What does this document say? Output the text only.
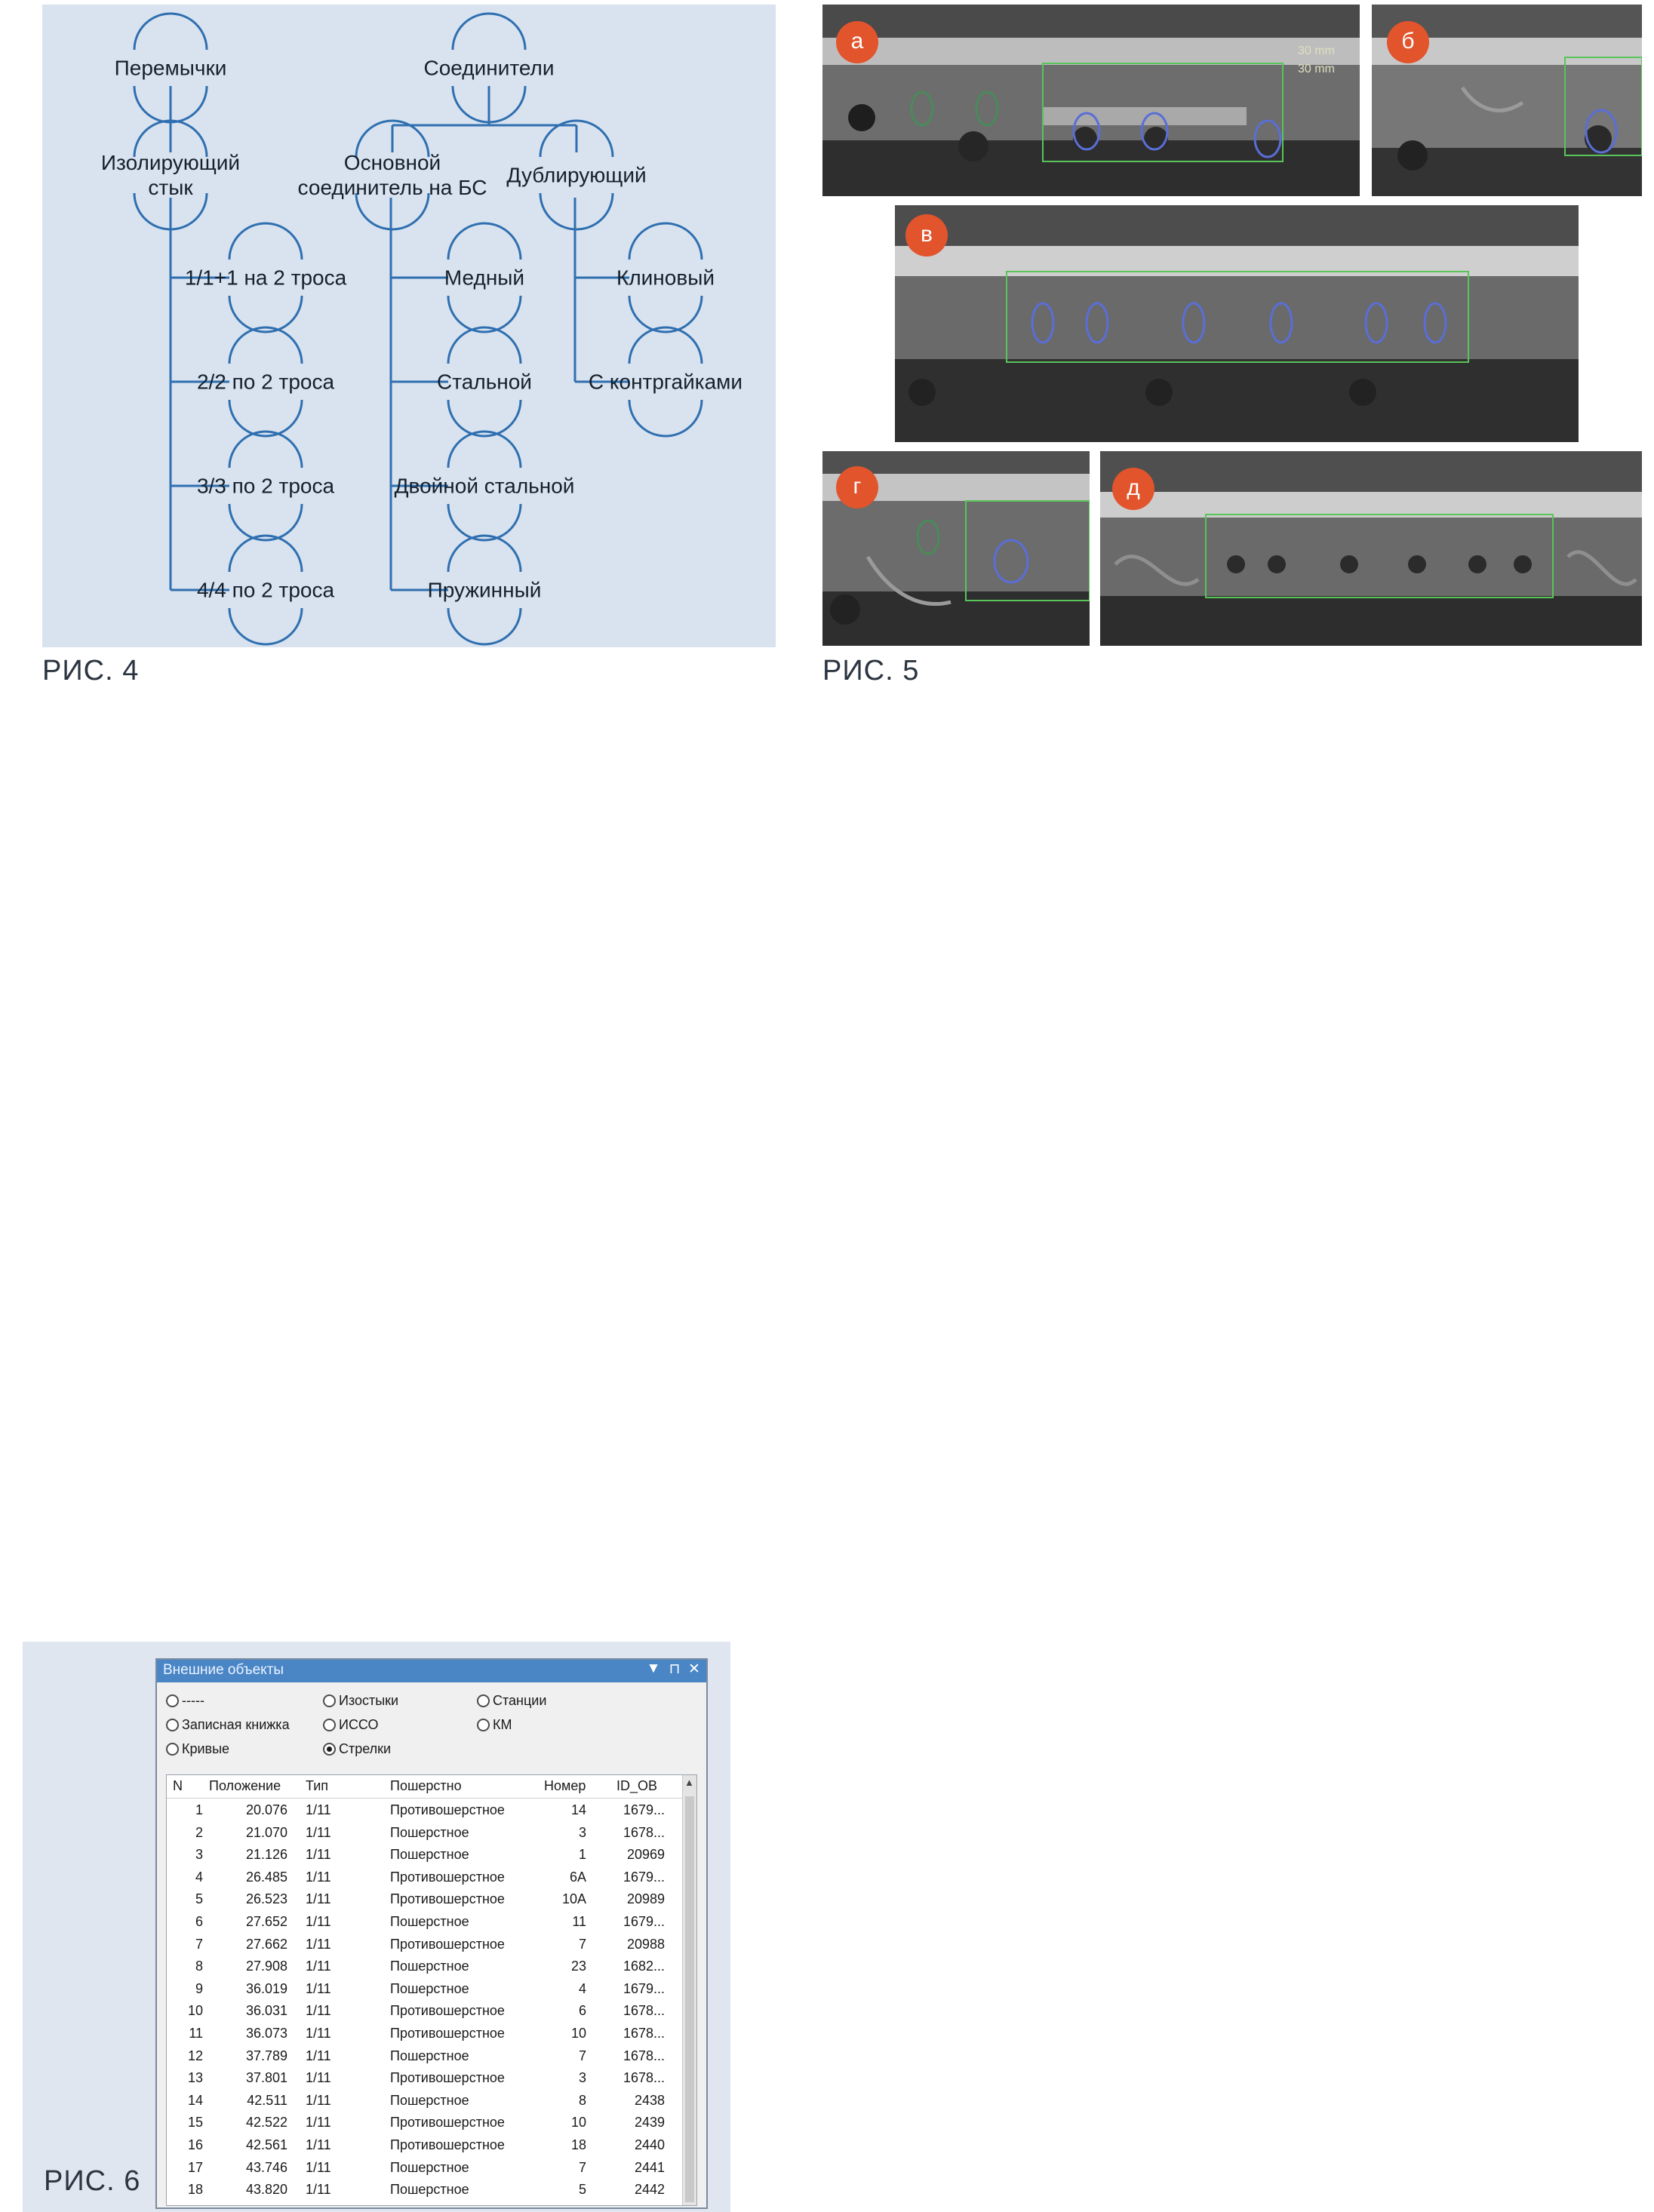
Перемычки
Изолирующий
стык
1/1+1 на 2 троса
2/2 по 2 троса
3/3 по 2 троса
4/4 по 2 троса
Соединители
Основной
соединитель на БС
Дублирующий
Медный
Стальной
Двойной стальной
Пружинный
Клиновый
С контргайками
РИС. 4
30 mm
30 mm
а	б
в
г	д
РИС. 5
Внешние объекты	▼ ⊓ ✕
-----
Записная книжка
Кривые
Изостыки
ИССО
Стрелки
Станции
КМ
N	Положение	Тип	Пошерстно	Номер ID_OB
1	20.076 1/11	Противошерстное	14	1679...
2	21.070 1/11	Пошерстное	3	1678...
3	21.126 1/11	Пошерстное	1	20969
4	26.485 1/11	Противошерстное	6А	1679...
5	26.523 1/11	Противошерстное	10А	20989
6	27.652 1/11	Пошерстное	11	1679...
7	27.662 1/11	Противошерстное	7	20988
8	27.908 1/11	Пошерстное	23	1682...
9	36.019 1/11	Пошерстное	4	1679...
10	36.031 1/11	Противошерстное	6	1678...
11	36.073 1/11	Противошерстное	10	1678...
12	37.789 1/11	Пошерстное	7	1678...
13	37.801 1/11	Противошерстное	3	1678...
14	42.511 1/11	Пошерстное	8	2438
15	42.522 1/11	Противошерстное	10	2439
16	42.561 1/11	Противошерстное	18	2440
17	43.746 1/11	Пошерстное	7	2441
18	43.820 1/11	Пошерстное	5	2442
▲
РИС. 6
